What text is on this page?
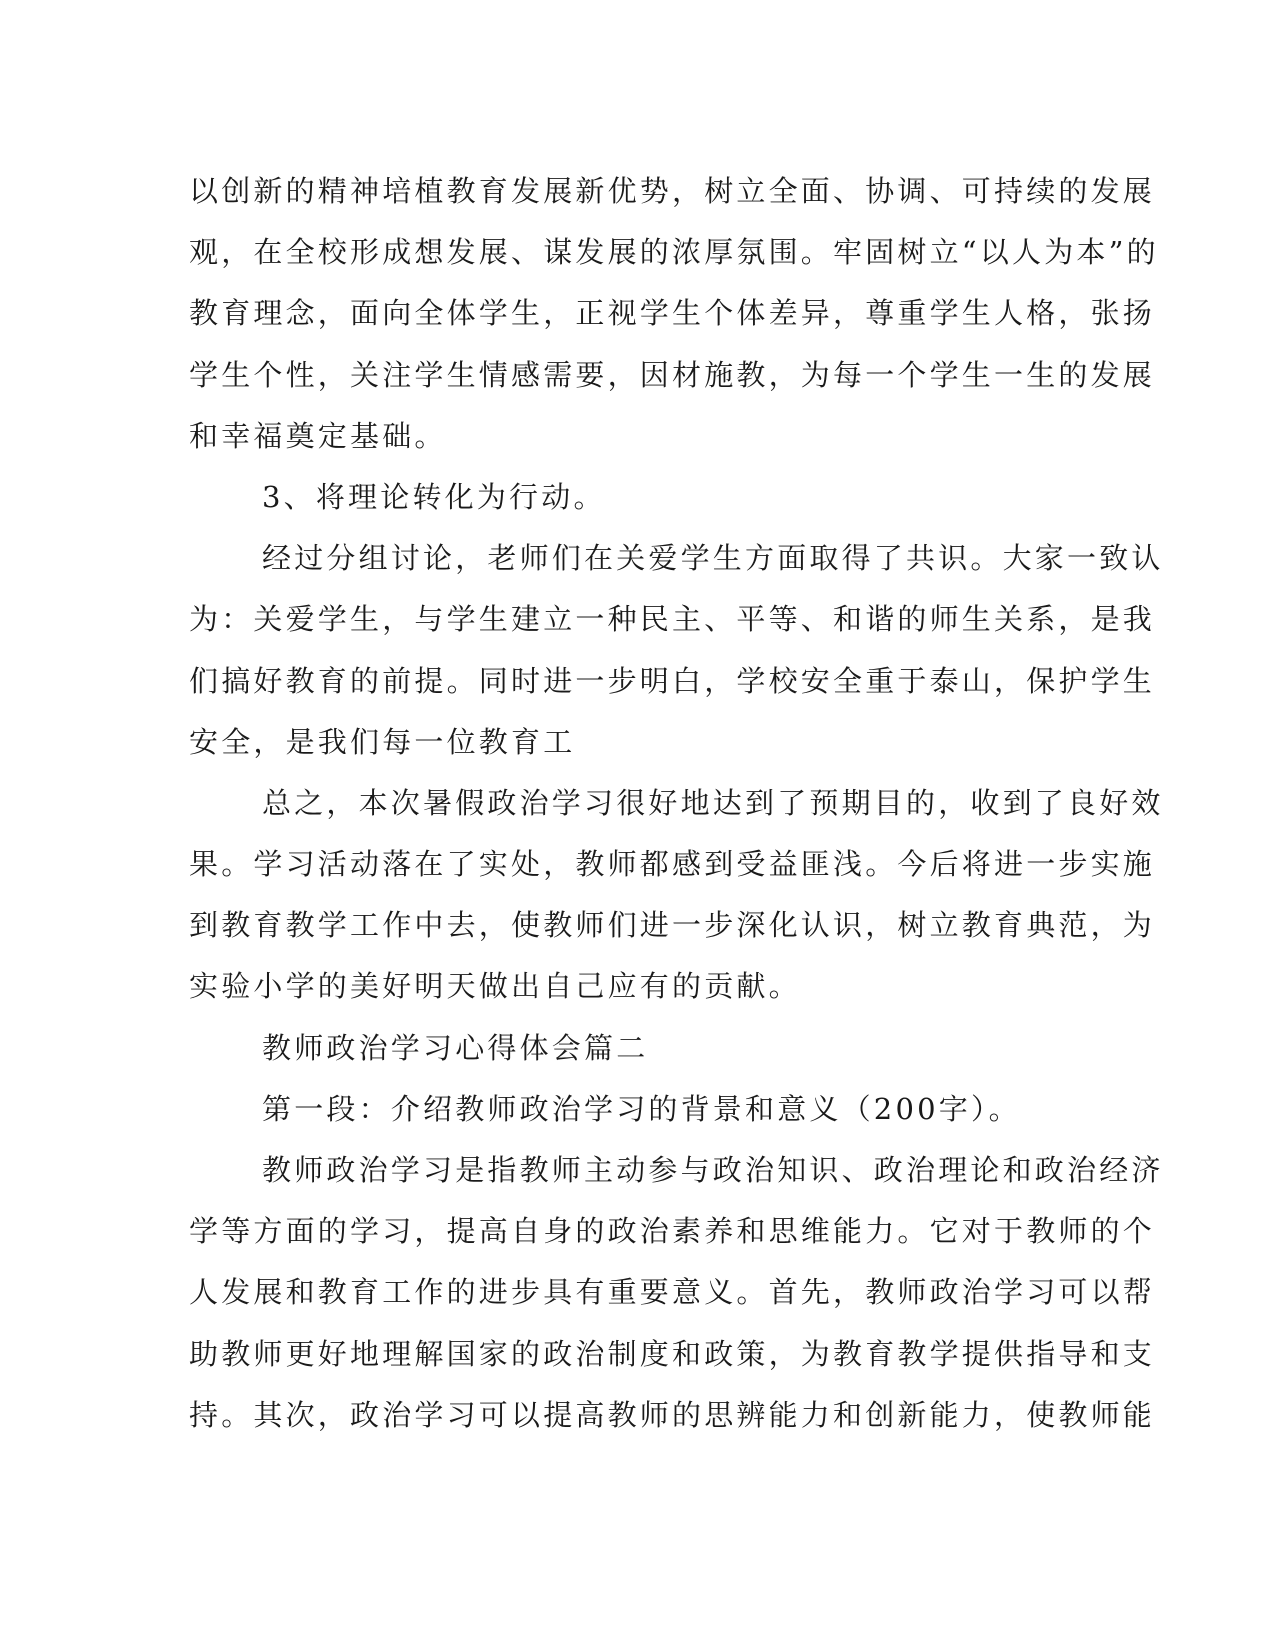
以创新的精神培植教育发展新优势，树立全面、协调、可持续的发展
观，在全校形成想发展、谋发展的浓厚氛围。牢固树立“以人为本”的
教育理念，面向全体学生，正视学生个体差异，尊重学生人格，张扬
学生个性，关注学生情感需要，因材施教，为每一个学生一生的发展
和幸福奠定基础。
3、将理论转化为行动。
经过分组讨论，老师们在关爱学生方面取得了共识。大家一致认
为：关爱学生，与学生建立一种民主、平等、和谐的师生关系，是我
们搞好教育的前提。同时进一步明白，学校安全重于泰山，保护学生
安全，是我们每一位教育工
总之，本次暑假政治学习很好地达到了预期目的，收到了良好效
果。学习活动落在了实处，教师都感到受益匪浅。今后将进一步实施
到教育教学工作中去，使教师们进一步深化认识，树立教育典范，为
实验小学的美好明天做出自己应有的贡献。
教师政治学习心得体会篇二
第一段：介绍教师政治学习的背景和意义（200字）。
教师政治学习是指教师主动参与政治知识、政治理论和政治经济
学等方面的学习，提高自身的政治素养和思维能力。它对于教师的个
人发展和教育工作的进步具有重要意义。首先，教师政治学习可以帮
助教师更好地理解国家的政治制度和政策，为教育教学提供指导和支
持。其次，政治学习可以提高教师的思辨能力和创新能力，使教师能
